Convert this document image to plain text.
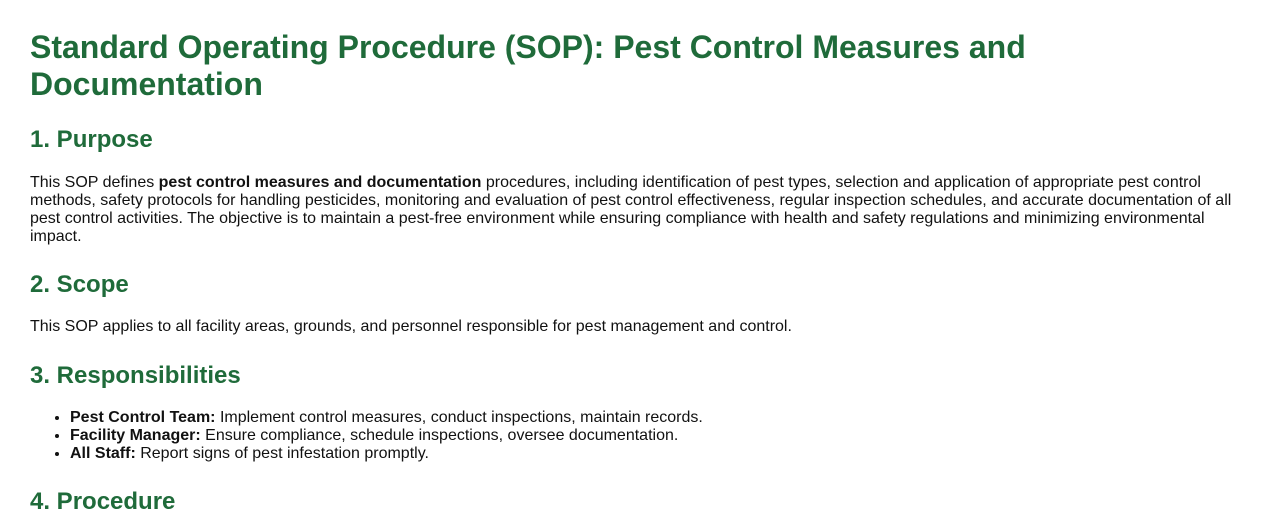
Standard Operating Procedure (SOP): Pest Control Measures and Documentation
1. Purpose

This SOP defines pest control measures and documentation procedures, including identification of pest types, selection and application of appropriate pest control methods, safety protocols for handling pesticides, monitoring and evaluation of pest control effectiveness, regular inspection schedules, and accurate documentation of all pest control activities. The objective is to maintain a pest-free environment while ensuring compliance with health and safety regulations and minimizing environmental impact.

2. Scope

This SOP applies to all facility areas, grounds, and personnel responsible for pest management and control.

3. Responsibilities
• Pest Control Team: Implement control measures, conduct inspections, maintain records.
• Facility Manager: Ensure compliance, schedule inspections, oversee documentation.
• All Staff: Report signs of pest infestation promptly.
4. Procedure
